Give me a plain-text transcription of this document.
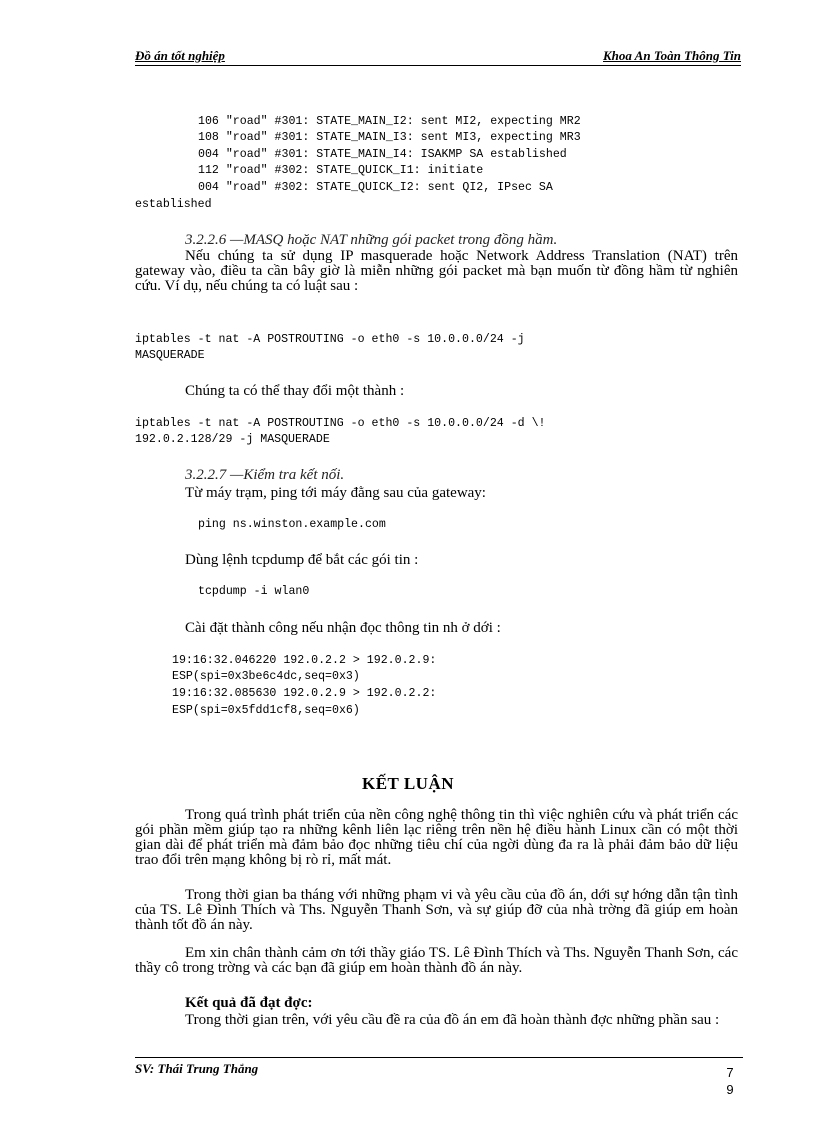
Đồ án tốt nghiệp	Khoa An Toàn Thông Tin
106 "road" #301: STATE_MAIN_I2: sent MI2, expecting MR2
108 "road" #301: STATE_MAIN_I3: sent MI3, expecting MR3
004 "road" #301: STATE_MAIN_I4: ISAKMP SA established
112 "road" #302: STATE_QUICK_I1: initiate
004 "road" #302: STATE_QUICK_I2: sent QI2, IPsec SA
established
3.2.2.6 —MASQ hoặc NAT những gói packet trong đồng hầm.
Nếu chúng ta sử dụng IP masquerade hoặc Network Address Translation (NAT) trên gateway vào, điều ta cần bây giờ là miễn những gói packet mà bạn muốn từ đồng hầm từ nghiên cứu. Ví dụ, nếu chúng ta có luật sau :
iptables -t nat -A POSTROUTING -o eth0 -s 10.0.0.0/24 -j
MASQUERADE
Chúng ta có thể thay đổi một thành :
iptables -t nat -A POSTROUTING -o eth0 -s 10.0.0.0/24 -d \!
192.0.2.128/29 -j MASQUERADE
3.2.2.7 —Kiểm tra kết nối.
Từ máy trạm, ping tới máy đằng sau của gateway:
ping ns.winston.example.com
Dùng lệnh tcpdump để bắt các gói tin :
tcpdump -i wlan0
Cài đặt thành công nếu nhận đọc thông tin nh ở dới :
19:16:32.046220 192.0.2.2 > 192.0.2.9:
ESP(spi=0x3be6c4dc,seq=0x3)
19:16:32.085630 192.0.2.9 > 192.0.2.2:
ESP(spi=0x5fdd1cf8,seq=0x6)
KẾT LUẬN
Trong quá trình phát triển của nền công nghệ thông tin thì việc nghiên cứu và phát triển các gói phần mềm giúp tạo ra những kênh liên lạc riêng trên nền hệ điều hành Linux cần có một thời gian dài để phát triển mà đảm bảo đọc những tiêu chí của ngời dùng đa ra là phải đảm bảo dữ liệu trao đổi trên mạng không bị rò rỉ, mất mát.
Trong thời gian ba tháng với những phạm vi và yêu cầu của đồ án, dới sự hớng dẫn tận tình của TS. Lê Đình Thích và Ths. Nguyễn Thanh Sơn, và sự giúp đỡ của nhà trờng đã giúp em hoàn thành tốt đồ án này.
Em xin chân thành cảm ơn tới thầy giáo TS. Lê Đình Thích và Ths. Nguyễn Thanh Sơn, các thầy cô trong trờng và các bạn đã giúp em hoàn thành đồ án này.
Kết quả đã đạt đợc:
Trong thời gian trên, với yêu cầu đề ra của đồ án em đã hoàn thành đợc những phần sau :
SV: Thái Trung Thắng	7
9
